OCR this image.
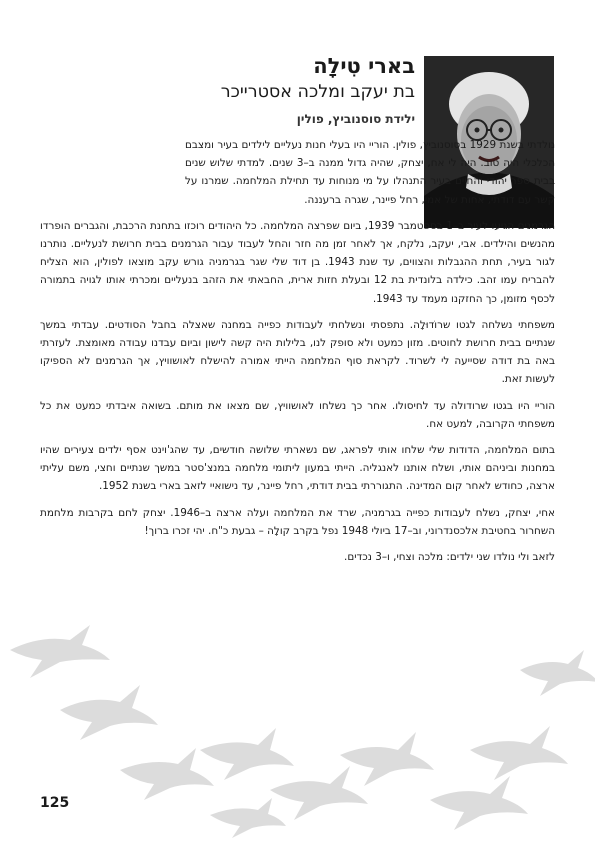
בארי טִילָה

בת יעקב ומלכה אסטרייכר

ילידת סוסנוביץ, פולין

נולדתי בשנת 1929 בסוסנוביץ, פולין. הוריי היו בעלי חנות נעליים לילדים בעיר ומצבם הכלכלי היה טוב. היה לי אח, יצחק, שהיה גדול ממנה ב–3 שנים. למדתי שלוש שנים בבית ספר יהודי והחיים בעיר התנהלו על מי מנוחות עד תחילת המלחמה. שמרנו על קשר עם דודתי, אחות של אמי, רחל פיינר, שגרה ברעננה.

הגרמנים הגיעו לעיר ב–1 בספטמבר 1939, ביום שפרצה המלחמה. כל היהודים רוכזו בתחנת הרכבת, והגברים הופרדו מהנשים והילדים. אבי, יעקב, נלקח, אך לאחר זמן מה חזר והחל לעבוד עבור הגרמנים בבית חרושת לנעליים. נותרנו לגור בעיר, תחת ההגבלות והצווים, עד שנת 1943. בן דוד שלי שגר בגרמניה גורש עקב מוצאו לפולין, הוא הצליח להבריח עמו זהב. כילדה בלונדית בת 12 ובעלת חזות ארית, החבאתי את הזהב בנעליים ומכרתי אותו לגויה בתמורה לכסף מזומן, כך החזקנו מעמד עד 1943.

משפחתי נשלחה לגטו שרוֹדוּלָה. נתפסתי ונשלחתי לעבודות כפייה במחנה שאצלה בחבל הסודטים. עבדתי במשך שנתיים בבית חרושת לחוטים. מזון כמעט ולא סופק לנו, בלילות היה קשה לישון וביום עבדנו עבודה מאומצת. לעזרתי באה בת דודה שסייעה לי לשרוד. לקראת סוף המלחמה הייתי אמורה להישלח לאושוויץ, אך הגרמנים לא הספיקו לעשות זאת.

הוריי היו בגטו שרודולה עד לחיסולו. אחר כך נשלחו לאושוויץ, שם מצאו את מותם. בשואה איבדתי כמעט את כל משפחתי הקרובה, למעט אח.

בתום המלחמה, הדודות שלי שלחו אותי לפראג, שם נשארתי שלושה חודשים, עד שהג'וינט אסף ילדים צעירים שהיו במחנות וביניהם אותי, ושלח אותנו לאנגליה. הייתי במעון ליתומי מלחמה במנצ'סטר במשך שנתיים וחצי, משם עליתי ארצה, כחודש לאחר קום המדינה. התגוררתי בבית דודתי, רחל פיינר, עד נישואיי לזאב בארי בשנת 1952.

אחי, יצחק, נשלח לעבודות כפייה בגרמניה, שרד את המלחמה ועלה ארצה ב–1946. יצחק לחם בקרבות מלחמת השחרור בחטיבת אלכסנדרוני, וב–17 ביולי 1948 נפל בקרב קולָה – גבעת כ"ח. יהי זכרו ברוך!

לזאב ולי נולדו שני ילדים: מלכה וצחי, ו–3 נכדים.

125
